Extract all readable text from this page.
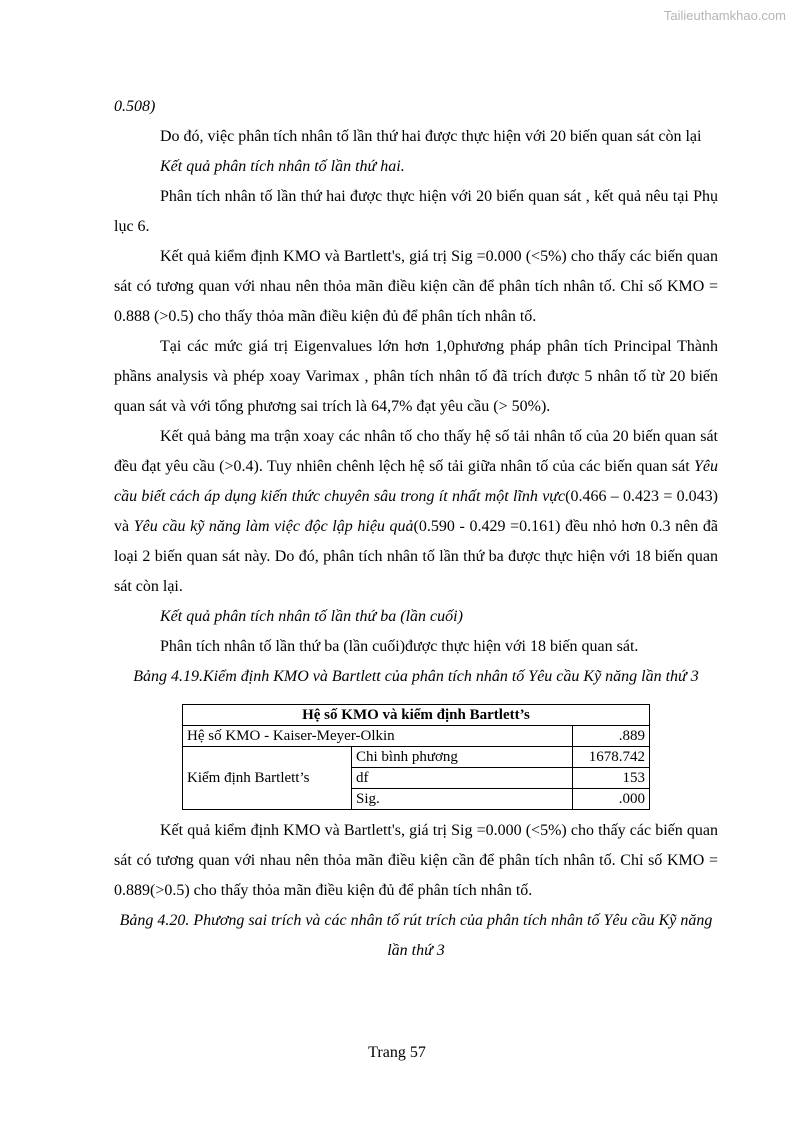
Tailieuthamkhao.com

0.508)

Do đó, việc phân tích nhân tố lần thứ hai được thực hiện với 20 biến quan sát còn lại

Kết quả phân tích nhân tố lần thứ hai.

Phân tích nhân tố lần thứ hai được thực hiện với 20 biến quan sát , kết quả nêu tại Phụ lục 6.

Kết quả kiểm định KMO và Bartlett's, giá trị Sig =0.000 (<5%) cho thấy các biến quan sát có tương quan với nhau nên thỏa mãn điều kiện cần để phân tích nhân tố. Chỉ số KMO = 0.888 (>0.5) cho thấy thỏa mãn điều kiện đủ để phân tích nhân tố.

Tại các mức giá trị Eigenvalues lớn hơn 1,0phương pháp phân tích Principal Thành phầns analysis và phép xoay Varimax , phân tích nhân tố đã trích được 5 nhân tố từ 20 biến quan sát và với tổng phương sai trích là 64,7% đạt yêu cầu (> 50%).

Kết quả bảng ma trận xoay các nhân tố cho thấy hệ số tải nhân tố của 20 biến quan sát đều đạt yêu cầu (>0.4). Tuy nhiên chênh lệch hệ số tải giữa nhân tố của các biến quan sát Yêu cầu biết cách áp dụng kiến thức chuyên sâu trong ít nhất một lĩnh vực(0.466 – 0.423 = 0.043) và Yêu cầu kỹ năng làm việc độc lập hiệu quả(0.590 - 0.429 =0.161) đều nhỏ hơn 0.3 nên đã loại 2 biến quan sát này. Do đó, phân tích nhân tố lần thứ ba được thực hiện với 18 biến quan sát còn lại.

Kết quả phân tích nhân tố lần thứ ba (lần cuối)

Phân tích nhân tố lần thứ ba (lần cuối)được thực hiện với 18 biến quan sát.

Bảng 4.19.Kiểm định KMO và Bartlett của phân tích nhân tố Yêu cầu Kỹ năng lần thứ 3

Hệ số KMO và kiểm định Bartlett’s		
Hệ số KMO - Kaiser-Meyer-Olkin		.889
Kiểm định Bartlett’s	Chi bình phương	1678.742
	df	153
	Sig.	.000

Kết quả kiểm định KMO và Bartlett's, giá trị Sig =0.000 (<5%) cho thấy các biến quan sát có tương quan với nhau nên thỏa mãn điều kiện cần để phân tích nhân tố. Chỉ số KMO = 0.889(>0.5) cho thấy thỏa mãn điều kiện đủ để phân tích nhân tố.

Bảng 4.20. Phương sai trích và các nhân tố rút trích của phân tích nhân tố Yêu cầu Kỹ năng lần thứ 3

Trang 57
